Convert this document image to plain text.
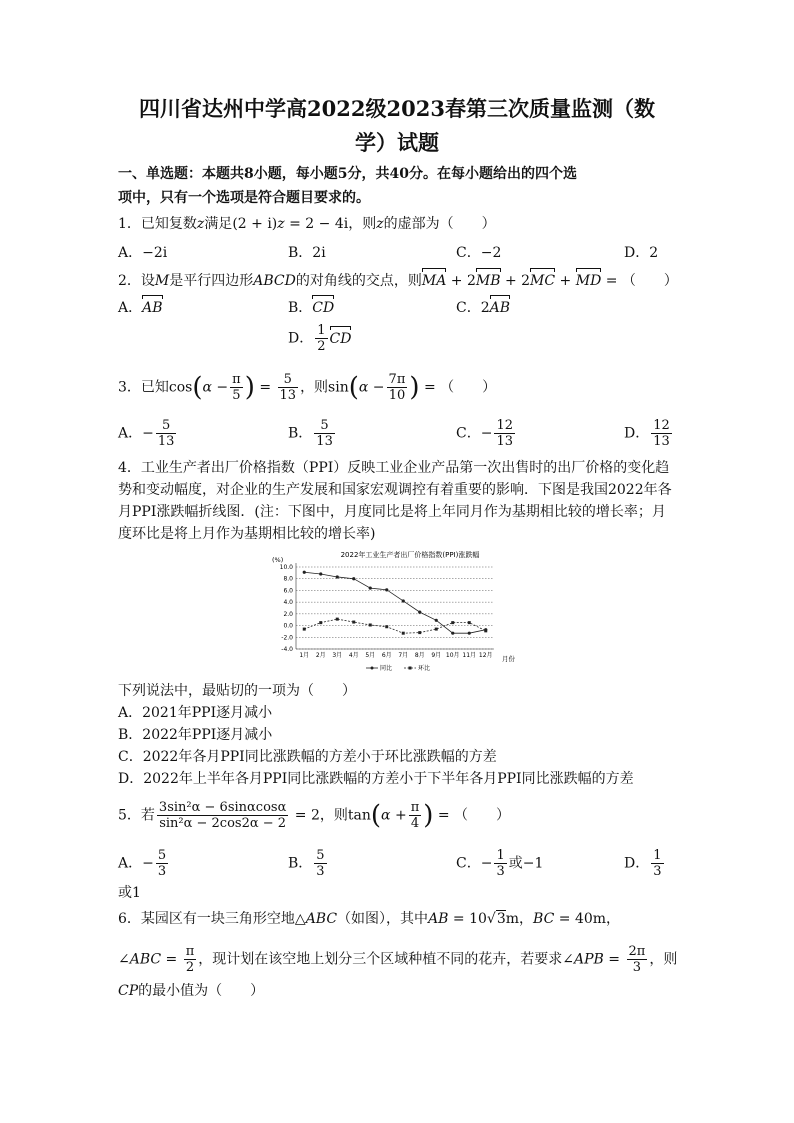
四川省达州中学高2022级2023春第三次质量监测（数
学）试题
一、单选题：本题共8小题，每小题5分，共40分。在每小题给出的四个选
项中，只有一个选项是符合题目要求的。
1．已知复数z满足(2 + i)z = 2 − 4i，则z的虚部为（　　）
A．−2i	B．2i	C．−2	D．2
2．设M是平行四边形ABCD的对角线的交点，则MA + 2MB + 2MC + MD = （　　）
A．AB	B．CD	C．2AB
D． $\frac{1}{2}$ CD
3．已知$\cos(\alpha - \frac{\pi}{5}$ ) = $\frac{5}{13}$ ，则$\sin(\alpha - \frac{7\pi}{10}$ ) = （　　）
A．− $\frac{5}{13}$	B． $\frac{5}{13}$	C．− $\frac{12}{13}$	D． $\frac{12}{13}$
4．工业生产者出厂价格指数（PPI）反映工业企业产品第一次出售时的出厂价格的变化趋
势和变动幅度，对企业的生产发展和国家宏观调控有着重要的影响．下图是我国2022年各
月PPI涨跌幅折线图．(注：下图中，月度同比是将上年同月作为基期相比较的增长率；月
度环比是将上月作为基期相比较的增长率)
2022年工业生产者出厂价格指数(PPI)涨跌幅
(%)
月份
10.0
8.0
6.0
4.0
2.0
0.0
-2.0
-4.0
1月 2月 3月 4月 5月 6月 7月 8月 9月 10月 11月 12月
同比	环比
下列说法中，最贴切的一项为（　　）
A．2021年PPI逐月减小
B．2022年PPI逐月减小
C．2022年各月PPI同比涨跌幅的方差小于环比涨跌幅的方差
D．2022年上半年各月PPI同比涨跌幅的方差小于下半年各月PPI同比涨跌幅的方差
5．若 $\frac{\text{3sin²α − 6sinαcosα}}{\text{sin²α − 2cos2α − 2}} = 2$，则$\tan(\alpha + \frac{\pi}{4}$ ) = （　　）
A．− $\frac{5}{3}$	B． $\frac{5}{3}$	C．− $\frac{1}{3}$ 或−1	D． $\frac{1}{3}$
或1
6．某园区有一块三角形空地△ABC（如图），其中AB = 10√3m，BC = 40m，
∠ABC = $\frac{\pi}{2}$ ，现计划在该空地上划分三个区域种植不同的花卉，若要求∠APB = $\frac{2\pi}{3}$ ，则
CP的最小值为（　　）
